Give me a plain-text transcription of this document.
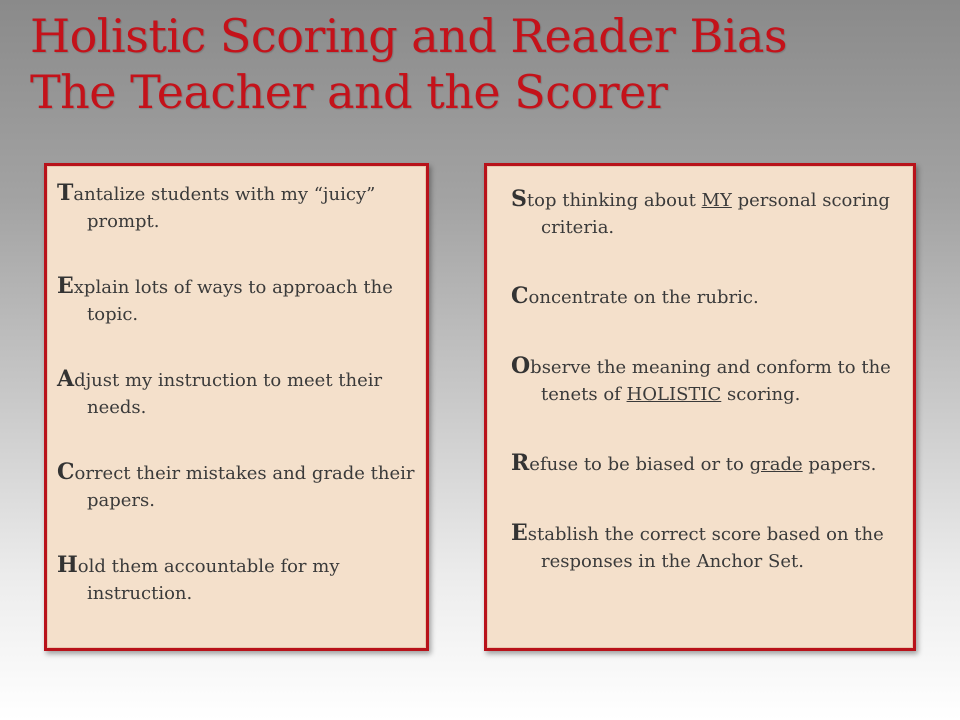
Holistic Scoring and Reader Bias
The Teacher and the Scorer
Tantalize students with my “juicy” prompt.
Explain lots of ways to approach the topic.
Adjust my instruction to meet their needs.
Correct their mistakes and grade their papers.
Hold them accountable for my instruction.
Stop thinking about MY personal scoring criteria.
Concentrate on the rubric.
Observe the meaning and conform to the tenets of HOLISTIC scoring.
Refuse to be biased or to grade papers.
Establish the correct score based on the responses in the Anchor Set.
